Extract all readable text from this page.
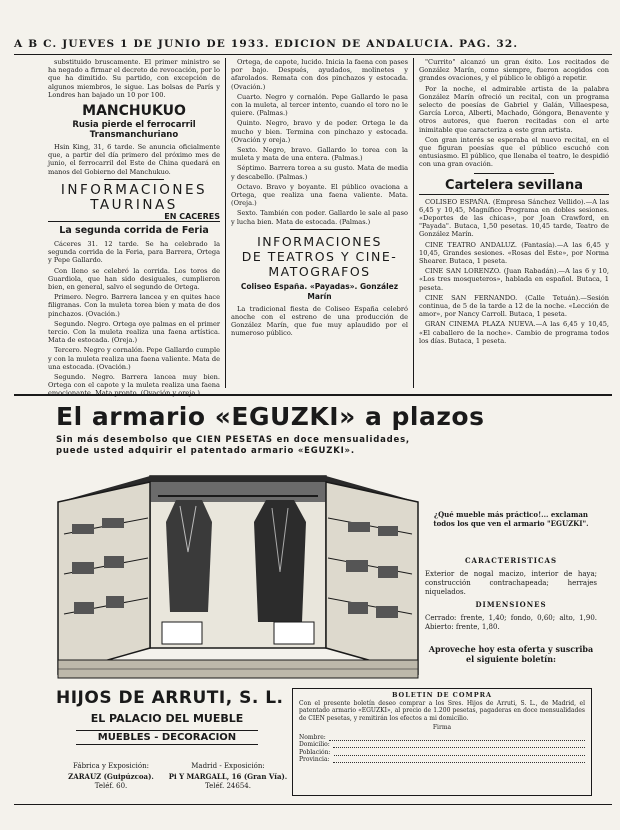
A B C. JUEVES 1 DE JUNIO DE 1933. EDICION DE ANDALUCIA. PAG. 32.

substituido bruscamente. El primer ministro se ha negado a firmar el decreto de revocación, por lo que ha dimitido. Su partido, con excepción de algunos miembros, le sigue. Las bolsas de París y Londres han bajado un 10 por 100.

MANCHUKUO
Rusia pierde el ferrocarril Transmanchuriano

Hsin King, 31, 6 tarde. Se anuncia oficialmente que, a partir del día primero del próximo mes de junio, el ferrocarril del Este de China quedará en manos del Gobierno del Manchukuo.

INFORMACIONES
TAURINAS
EN CACERES
La segunda corrida de Feria

Cáceres 31. 12 tarde. Se ha celebrado la segunda corrida de la Feria, para Barrera, Ortega y Pepe Gallardo.

Con lleno se celebró la corrida. Los toros de Guardiola, que han sido desiguales, cumplieron bien, en general, salvo el segundo de Ortega.

Primero. Negro. Barrera lancea y en quites hace filigranas. Con la muleta torea bien y mata de dos pinchazos. (Ovación.)

Segundo. Negro. Ortega oye palmas en el primer tercio. Con la muleta realiza una faena artística. Mata de estocada. (Oreja.)

Tercero. Negro y cornalón. Pepe Gallardo cumple y con la muleta realiza una faena valiente. Mata de una estocada. (Ovación.)

Segundo. Negro. Barrera lancea muy bien. Ortega con el capote y la muleta realiza una faena

Ortega, de capote, lucido. Inicia la faena con pases por bajo. Después, ayudados, molinetes y afarolados. Remata con dos pinchazos y estocada. (Ovación.)

Cuarto. Negro y cornalón. Pepe Gallardo le pasa con la muleta, al tercer intento, cuando el toro no le quiere. (Palmas.)

Quinto. Negro, bravo y de poder. Ortega le da mucho y bien. Termina con pinchazo y estocada. (Ovación y oreja.)

Sexto. Negro, bravo. Gallardo lo torea con la muleta y mata de una entera. (Palmas.)

Séptimo. Barrera torea a su gusto. Mata de media y descabello. (Palmas.)

Octavo. Bravo y boyante. El público ovaciona a Ortega, que realiza una faena valiente. Mata. (Oreja.)

Sexto. También con poder. Gallardo le sale al paso y lucha bien. Mata de estocada. (Palmas.)

INFORMACIONES
DE TEATROS Y CINE-
MATOGRAFOS
Coliseo España. «Payadas». González Marín

La tradicional fiesta de Coliseo España celebró anoche con el estreno de una producción de González Marín, que fue muy aplaudido por el numeroso público.

"Currito" alcanzó un gran éxito. Los recitados de González Marín, como siempre, fueron acogidos con grandes ovaciones, y el público le obligó a repetir.

Por la noche, el admirable artista de la palabra González Marín ofreció un recital, con un programa selecto de poesías de Gabriel y Galán, Villaespesa, García Lorca, Alberti, Machado, Góngora, Benavente y otros autores, que fueron recitadas con el arte inimitable que caracteriza a este gran artista.

Con gran interés se esperaba el nuevo recital, en el que figuran poesías que el público escuchó con entusiasmo. El público, que llenaba el teatro, le despidió con una gran ovación.

Cartelera sevillana

COLISEO ESPAÑA. (Empresa Sánchez Vellido).—A las 6,45 y 10,45, Magnífico Programa en dobles sesiones. «Deportes de las chicas», por Joan Crawford, en "Payada". Butaca, 1,50 pesetas. 10,45 tarde, Teatro de González Marín.

CINE TEATRO ANDALUZ. (Fantasía).—A las 6,45 y 10,45, Grandes sesiones. «Rosas del Este», por Norma Shearer. Butaca, 1 peseta.

CINE SAN LORENZO. (Juan Rabadán).—A las 6 y 10, «Los tres mosqueteros», hablada en español. Butaca, 1 peseta.

CINE SAN FERNANDO. (Calle Tetuán).—Sesión continua, de 5 de la tarde a 12 de la noche. «Lección de amor», por Nancy Carroll. Butaca, 1 peseta.

GRAN CINEMA PLAZA NUEVA.—A las 6,45 y 10,45, «El caballero de la noche». Cambio de programa todos los días. Butaca, 1 peseta.

El armario «EGUZKI» a plazos
Sin más desembolso que CIEN PESETAS en doce mensualidades, puede usted adquirir el patentado armario «EGUZKI».
¿Qué mueble más práctico!... exclaman todos los que ven el armario "EGUZKI".
CARACTERISTICAS
Exterior de nogal macizo, interior de haya; construcción contrachapeada; herrajes niquelados.
DIMENSIONES
Cerrado: frente, 1,40; fondo, 0,60; alto, 1,90. Abierto: frente, 1,80.
Aproveche hoy esta oferta y suscriba el siguiente boletín:
HIJOS DE ARRUTI, S. L.
EL PALACIO DEL MUEBLE
MUEBLES - DECORACION
Fábrica y Exposición:
ZARAUZ (Guipúzcoa).
Teléf. 60.
Madrid - Exposición:
Pi Y MARGALL, 16 (Gran Vía).
Teléf. 24654.
BOLETIN DE COMPRA
Con el presente boletín deseo comprar a los Sres. Hijos de Arruti, S. L., de Madrid, el patentado armario «EGUZKI», al precio de 1.200 pesetas, pagaderas en doce mensualidades de CIEN pesetas, y remitirán los efectos a mi domicilio.
Firma
Nombre:
Domicilio:
Población:
Provincia:
